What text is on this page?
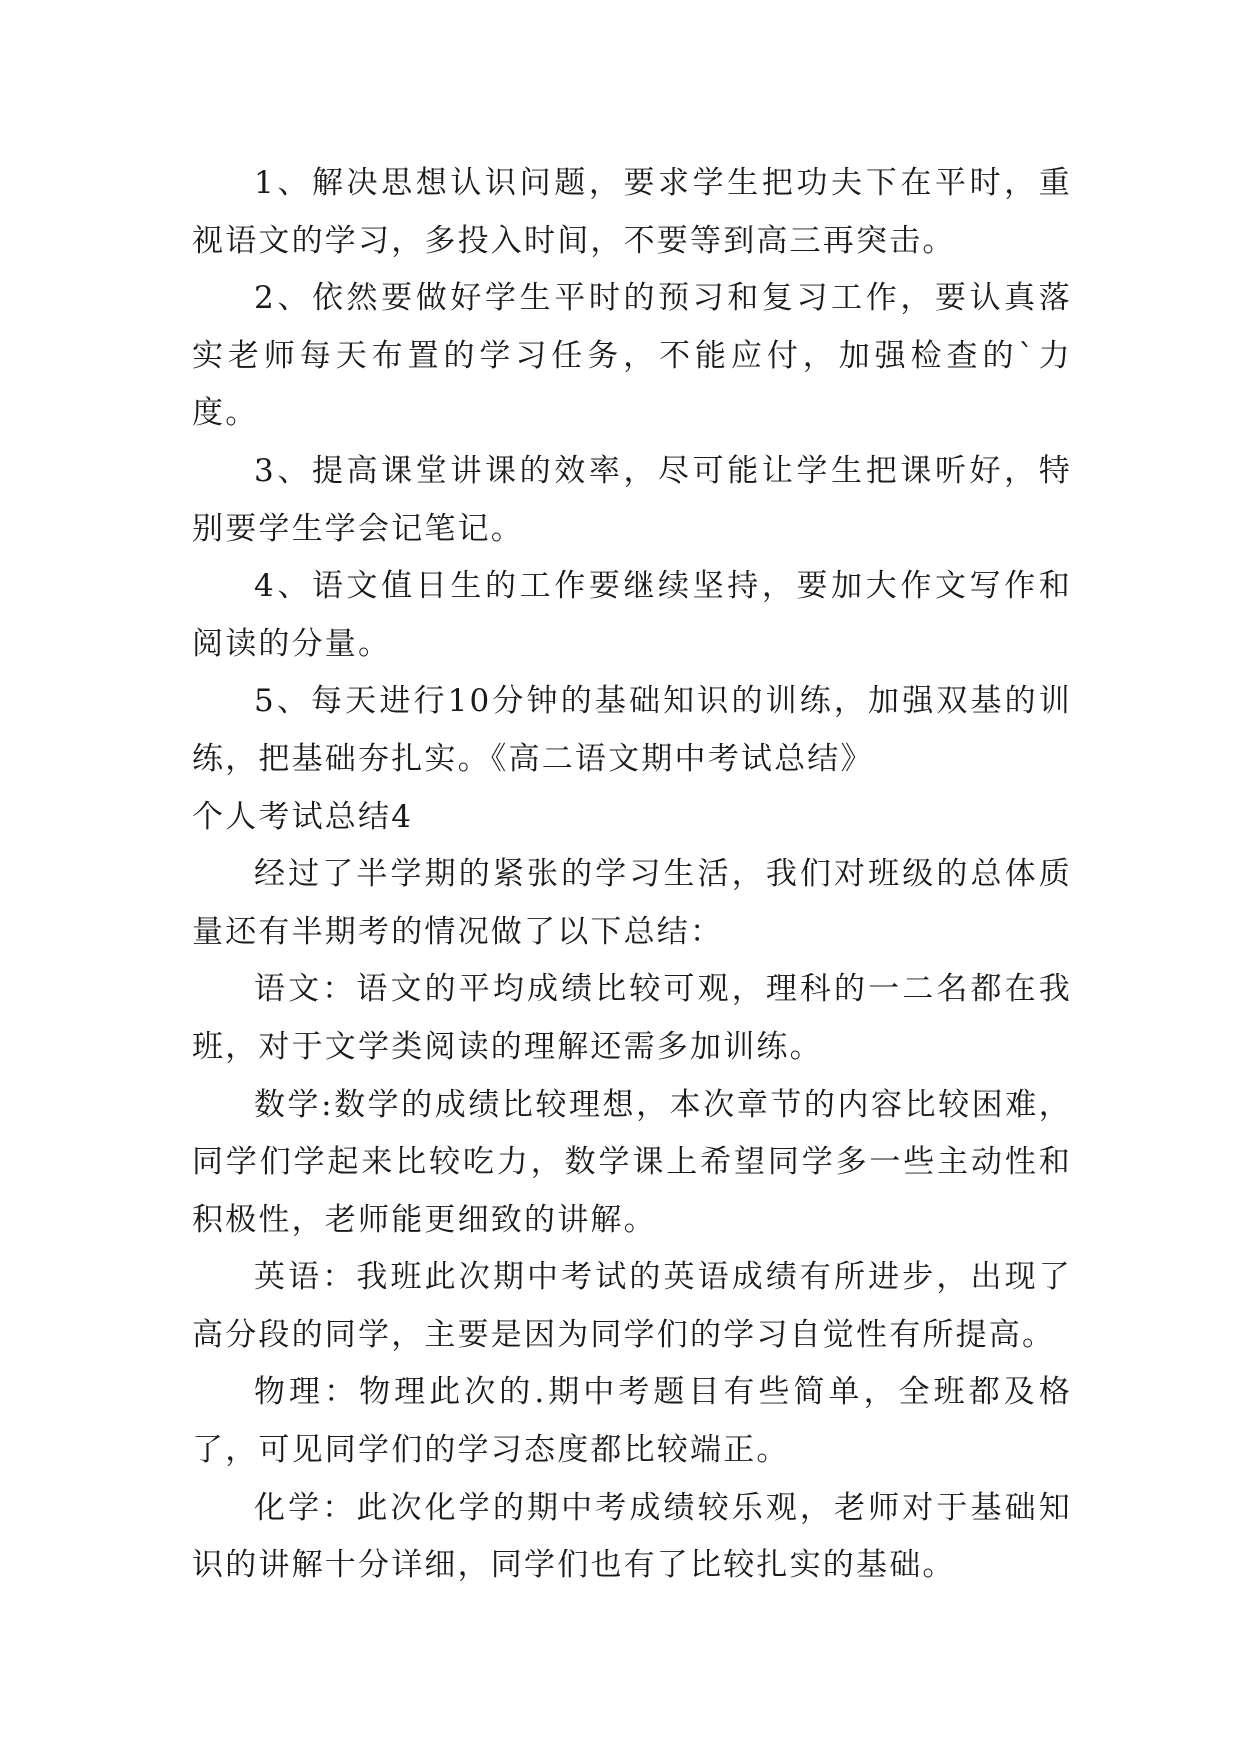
1、解决思想认识问题，要求学生把功夫下在平时，重视语文的学习，多投入时间，不要等到高三再突击。

2、依然要做好学生平时的预习和复习工作，要认真落实老师每天布置的学习任务，不能应付，加强检查的`力度。

3、提高课堂讲课的效率，尽可能让学生把课听好，特别要学生学会记笔记。

4、语文值日生的工作要继续坚持，要加大作文写作和阅读的分量。

5、每天进行10分钟的基础知识的训练，加强双基的训练，把基础夯扎实。《高二语文期中考试总结》

个人考试总结4

经过了半学期的紧张的学习生活，我们对班级的总体质量还有半期考的情况做了以下总结：

语文：语文的平均成绩比较可观，理科的一二名都在我班，对于文学类阅读的理解还需多加训练。

数学:数学的成绩比较理想，本次章节的内容比较困难，同学们学起来比较吃力，数学课上希望同学多一些主动性和积极性，老师能更细致的讲解。

英语：我班此次期中考试的英语成绩有所进步，出现了高分段的同学，主要是因为同学们的学习自觉性有所提高。

物理：物理此次的.期中考题目有些简单，全班都及格了，可见同学们的学习态度都比较端正。

化学：此次化学的期中考成绩较乐观，老师对于基础知识的讲解十分详细，同学们也有了比较扎实的基础。
